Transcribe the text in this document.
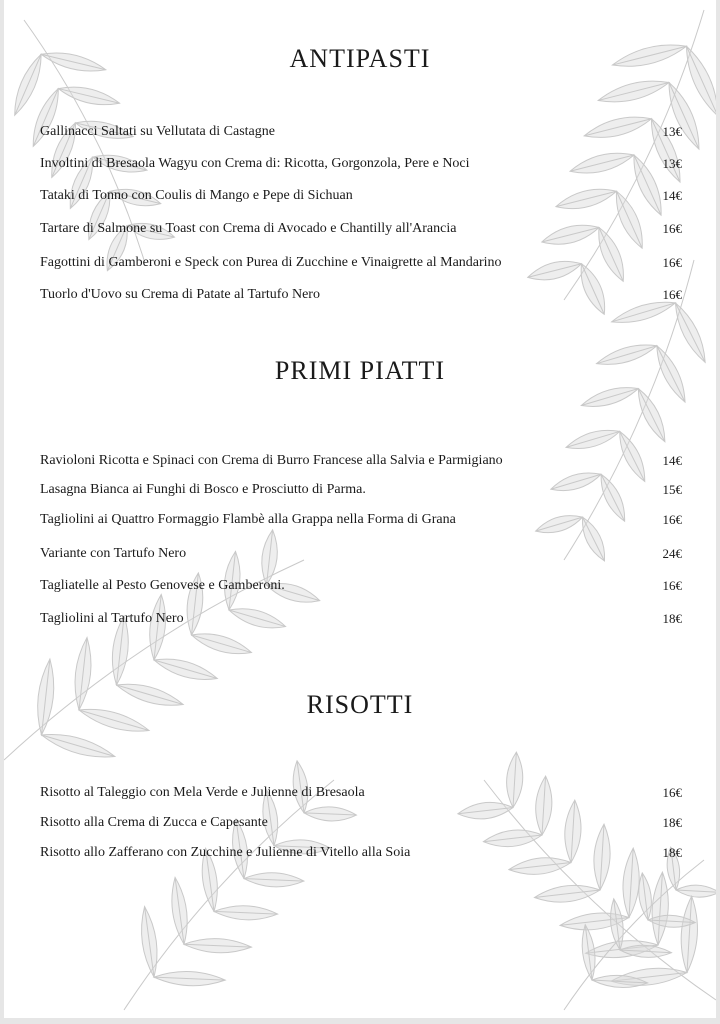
ANTIPASTI
Gallinacci Saltati su Vellutata di Castagne	13€
Involtini di Bresaola Wagyu con Crema di: Ricotta, Gorgonzola, Pere e Noci	13€
Tataki di Tonno con Coulis di Mango e Pepe di Sichuan	14€
Tartare di Salmone su Toast con Crema di Avocado e Chantilly all'Arancia	16€
Fagottini di Gamberoni e Speck con Purea di Zucchine e Vinaigrette al Mandarino	16€
Tuorlo d'Uovo su Crema di Patate al Tartufo Nero	16€
PRIMI PIATTI
Ravioloni Ricotta e Spinaci con Crema di Burro Francese alla Salvia e Parmigiano	14€
Lasagna Bianca ai Funghi di Bosco e Prosciutto di Parma.	15€
Tagliolini ai Quattro Formaggio Flambè alla Grappa nella Forma di Grana	16€
Variante con Tartufo Nero	24€
Tagliatelle al Pesto Genovese e Gamberoni.	16€
Tagliolini al Tartufo Nero	18€
RISOTTI
Risotto al Taleggio con Mela Verde e Julienne di Bresaola	16€
Risotto alla Crema di Zucca e Capesante	18€
Risotto allo Zafferano con Zucchine e Julienne di Vitello alla Soia	18€
